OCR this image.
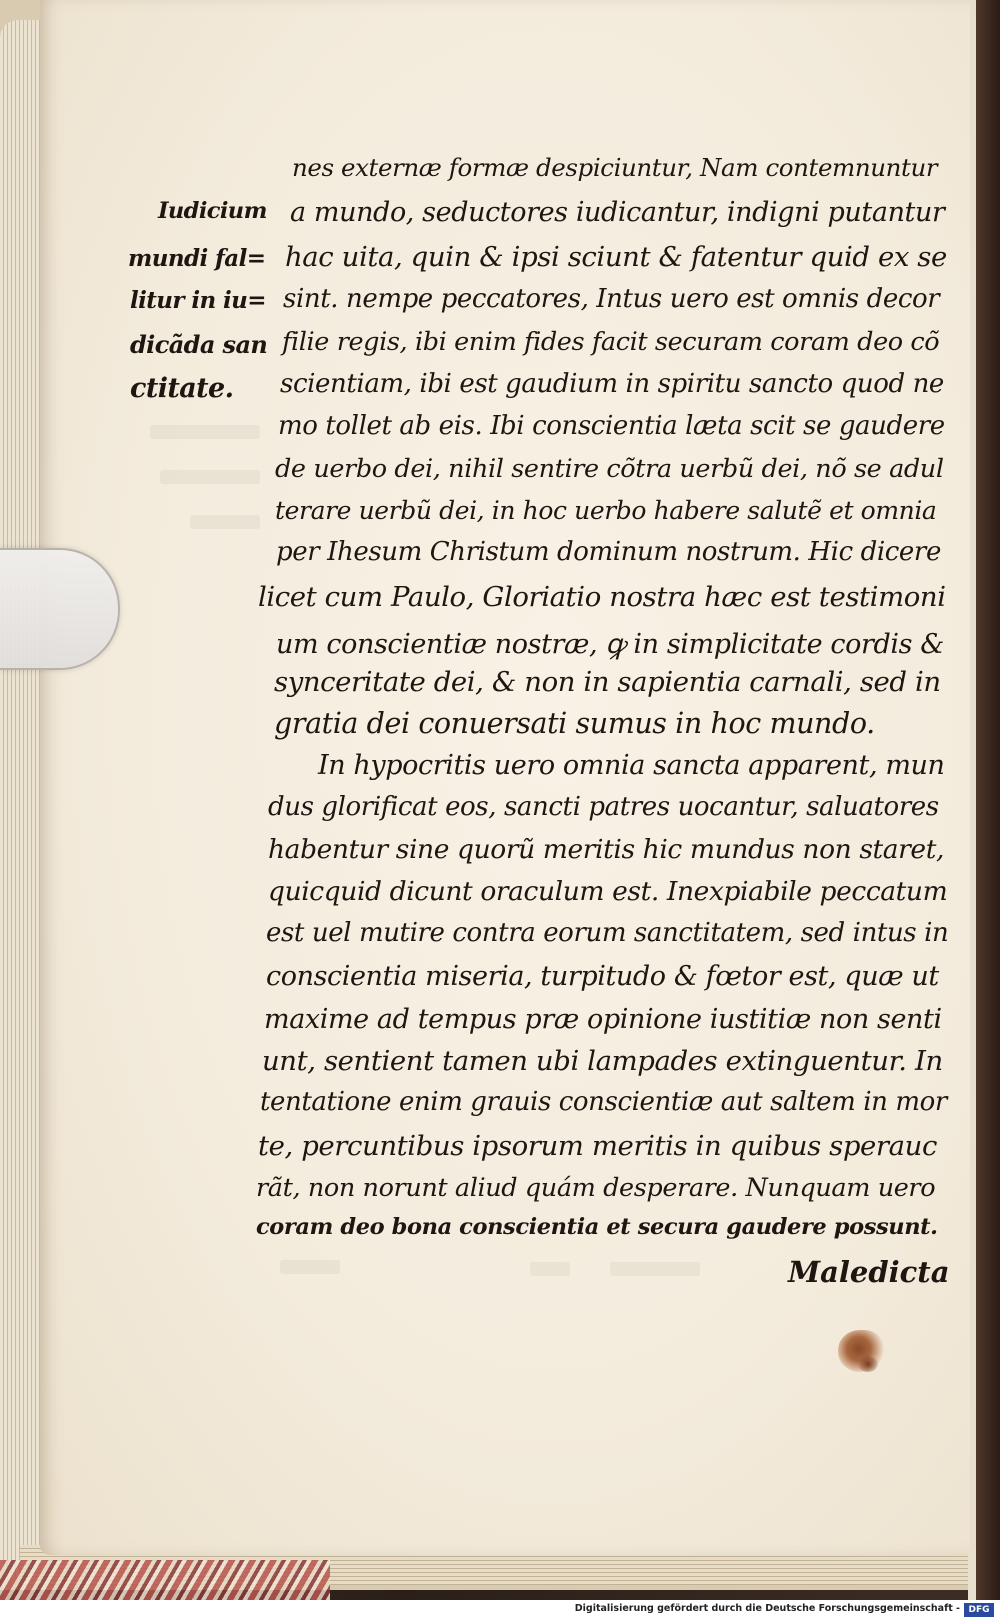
Iudicium
mundi fal=
litur in iu=
dicãda san
ctitate.
nes externæ formæ despiciuntur, Nam contemnuntur
a mundo, seductores iudicantur, indigni putantur
hac uita, quin & ipsi sciunt & fatentur quid ex se
sint. nempe peccatores, Intus uero est omnis decor
filie regis, ibi enim fides facit securam coram deo cõ
scientiam, ibi est gaudium in spiritu sancto quod ne
mo tollet ab eis. Ibi conscientia læta scit se gaudere
de uerbo dei, nihil sentire cõtra uerbũ dei, nõ se adul
terare uerbũ dei, in hoc uerbo habere salutẽ et omnia
per Ihesum Christum dominum nostrum. Hic dicere
licet cum Paulo, Gloriatio nostra hæc est testimoni
um conscientiæ nostræ, ꝙ in simplicitate cordis &
synceritate dei, & non in sapientia carnali, sed in
gratia dei conuersati sumus in hoc mundo.
In hypocritis uero omnia sancta apparent, mun
dus glorificat eos, sancti patres uocantur, saluatores
habentur sine quorũ meritis hic mundus non staret,
quicquid dicunt oraculum est. Inexpiabile peccatum
est uel mutire contra eorum sanctitatem, sed intus in
conscientia miseria, turpitudo & fœtor est, quæ ut
maxime ad tempus præ opinione iustitiæ non senti
unt, sentient tamen ubi lampades extinguentur. In
tentatione enim grauis conscientiæ aut saltem in mor
te, percuntibus ipsorum meritis in quibus sperauc
rãt, non norunt aliud quám desperare. Nunquam uero
coram deo bona conscientia et secura gaudere possunt.
Maledicta
Digitalisierung gefördert durch die Deutsche Forschungsgemeinschaft - DFG
